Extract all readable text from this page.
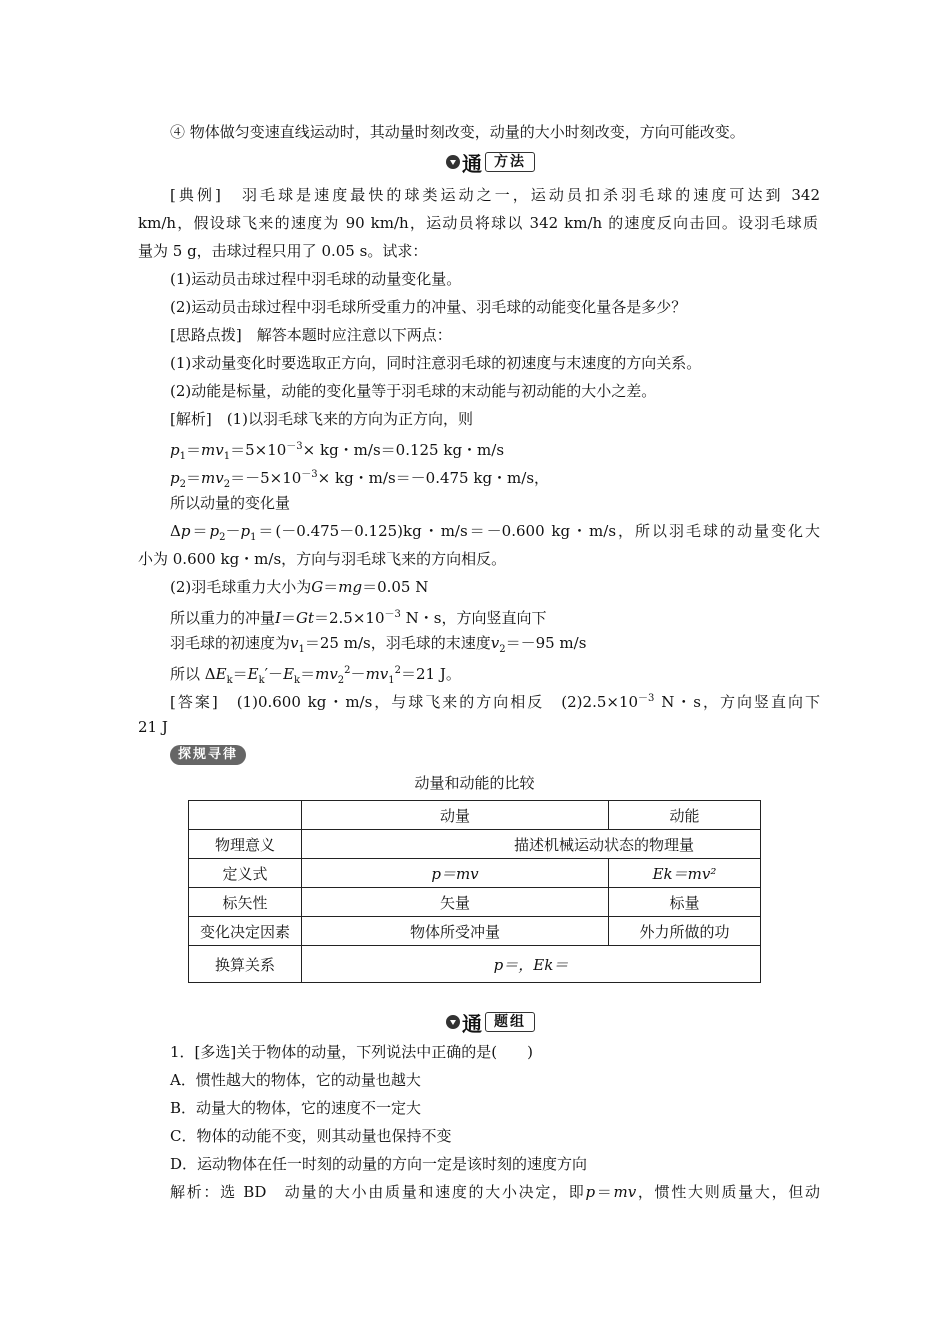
④ 物体做匀变速直线运动时，其动量时刻改变，动量的大小时刻改变，方向可能改变。
通 方法
[典例]　羽毛球是速度最快的球类运动之一，运动员扣杀羽毛球的速度可达到 342
km/h，假设球飞来的速度为 90 km/h，运动员将球以 342 km/h 的速度反向击回。设羽毛球质
量为 5 g，击球过程只用了 0.05 s。试求：
(1)运动员击球过程中羽毛球的动量变化量。
(2)运动员击球过程中羽毛球所受重力的冲量、羽毛球的动能变化量各是多少？
[思路点拨]　解答本题时应注意以下两点：
(1)求动量变化时要选取正方向，同时注意羽毛球的初速度与末速度的方向关系。
(2)动能是标量，动能的变化量等于羽毛球的末动能与初动能的大小之差。
[解析]　(1)以羽毛球飞来的方向为正方向，则
$p_1=mv_1=5\times 10^{-3}\times$ kg・m/s＝0.125 kg・m/s
$p_2=mv_2=-5\times 10^{-3}\times$ kg・m/s＝－0.475 kg・m/s，
所以动量的变化量
$\Delta p=p_2-p_1=(-0.475-0.125)kg$・m/s＝－0.600 kg・m/s，所以羽毛球的动量变化大
小为 0.600 kg・m/s，方向与羽毛球飞来的方向相反。
(2)羽毛球重力大小为G＝mg＝0.05 N
所以重力的冲量$I=Gt=2.5\times 10^{-3}$ N・s，方向竖直向下
羽毛球的初速度为$v_1=25$ m/s，羽毛球的末速度$v_2=-95$ m/s
所以 $\Delta E_k=E_k'-E_k=mv_2^2-mv_1^2=21$ J。
[答案]　(1)0.600 kg・m/s，与球飞来的方向相反　$(2)2.5\times 10^{-3}$ N・s，方向竖直向下
21 J
探规寻律
动量和动能的比较
	动量	动能
物理意义	描述机械运动状态的物理量	
定义式	p＝mv	Ek＝mv²
标矢性	矢量	标量
变化决定因素	物体所受冲量	外力所做的功
换算关系	p＝，Ek＝	
通 题组
1．[多选]关于物体的动量，下列说法中正确的是(　　)
A．惯性越大的物体，它的动量也越大
B．动量大的物体，它的速度不一定大
C．物体的动能不变，则其动量也保持不变
D．运动物体在任一时刻的动量的方向一定是该时刻的速度方向
解析：选 BD　动量的大小由质量和速度的大小决定，即p＝mv，惯性大则质量大，但动
